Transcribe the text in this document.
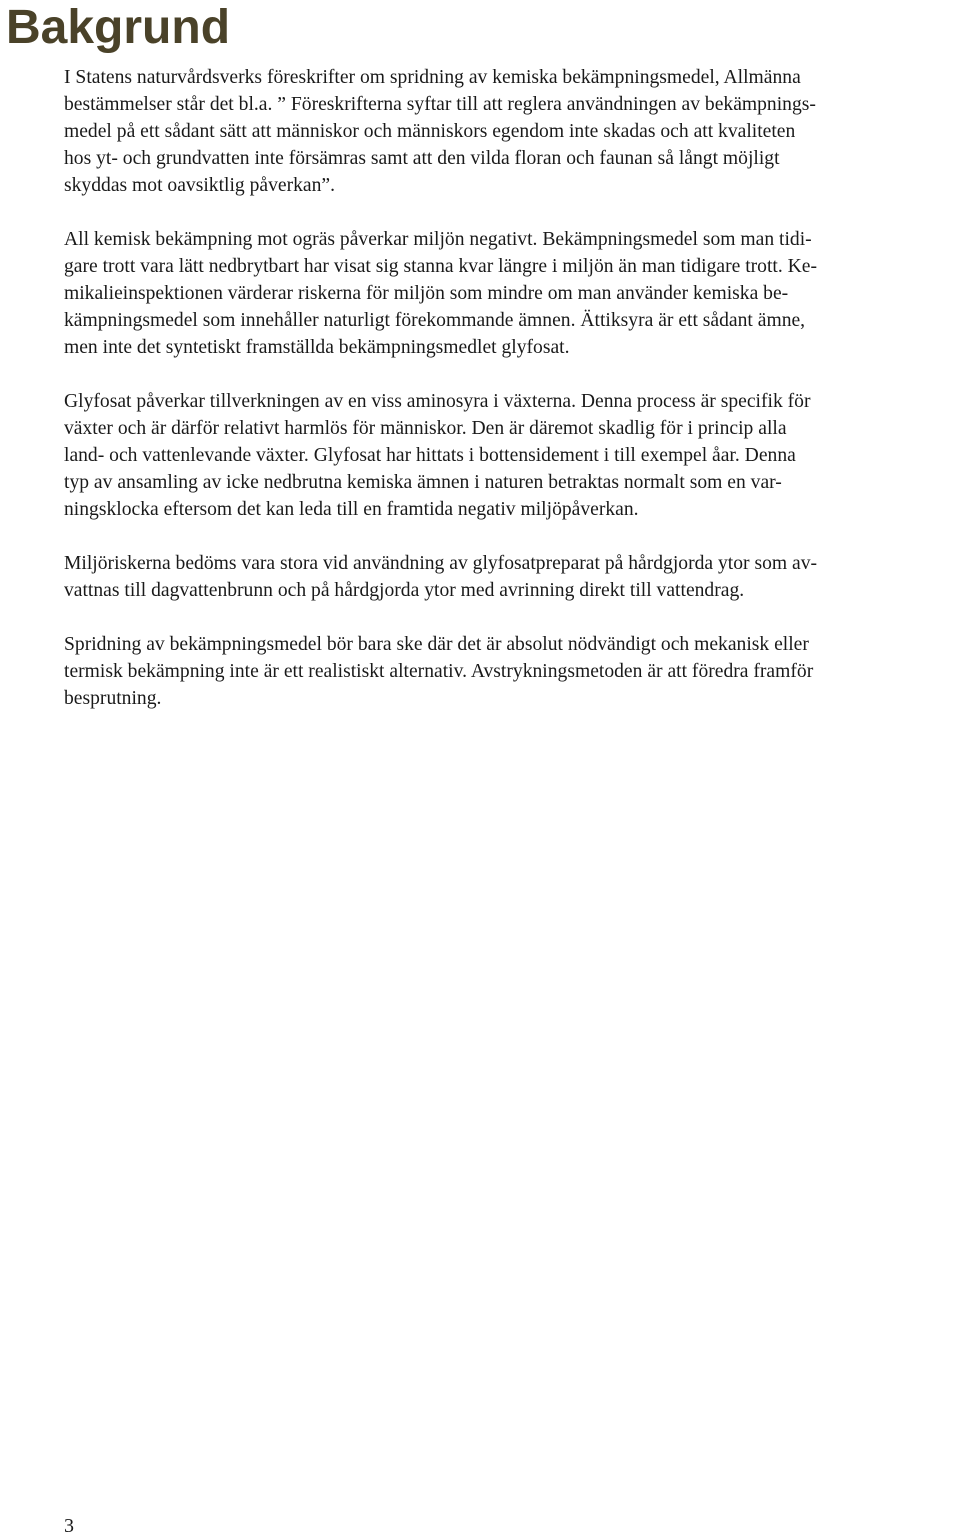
Bakgrund

I Statens naturvårdsverks föreskrifter om spridning av kemiska bekämpningsmedel, Allmänna
bestämmelser står det bl.a. ” Föreskrifterna syftar till att reglera användningen av bekämpnings-
medel på ett sådant sätt att människor och människors egendom inte skadas och att kvaliteten
hos yt- och grundvatten inte försämras samt att den vilda floran och faunan så långt möjligt
skyddas mot oavsiktlig påverkan”.

All kemisk bekämpning mot ogräs påverkar miljön negativt. Bekämpningsmedel som man tidi-
gare trott vara lätt nedbrytbart har visat sig stanna kvar längre i miljön än man tidigare trott. Ke-
mikalieinspektionen värderar riskerna för miljön som mindre om man använder kemiska be-
kämpningsmedel som innehåller naturligt förekommande ämnen. Ättiksyra är ett sådant ämne,
men inte det syntetiskt framställda bekämpningsmedlet glyfosat.

Glyfosat påverkar tillverkningen av en viss aminosyra i växterna. Denna process är specifik för
växter och är därför relativt harmlös för människor. Den är däremot skadlig för i princip alla
land- och vattenlevande växter. Glyfosat har hittats i bottensidement i till exempel åar. Denna
typ av ansamling av icke nedbrutna kemiska ämnen i naturen betraktas normalt som en var-
ningsklocka eftersom det kan leda till en framtida negativ miljöpåverkan.

Miljöriskerna bedöms vara stora vid användning av glyfosatpreparat på hårdgjorda ytor som av-
vattnas till dagvattenbrunn och på hårdgjorda ytor med avrinning direkt till vattendrag.

Spridning av bekämpningsmedel bör bara ske där det är absolut nödvändigt och mekanisk eller
termisk bekämpning inte är ett realistiskt alternativ. Avstrykningsmetoden är att föredra framför
besprutning.

3
